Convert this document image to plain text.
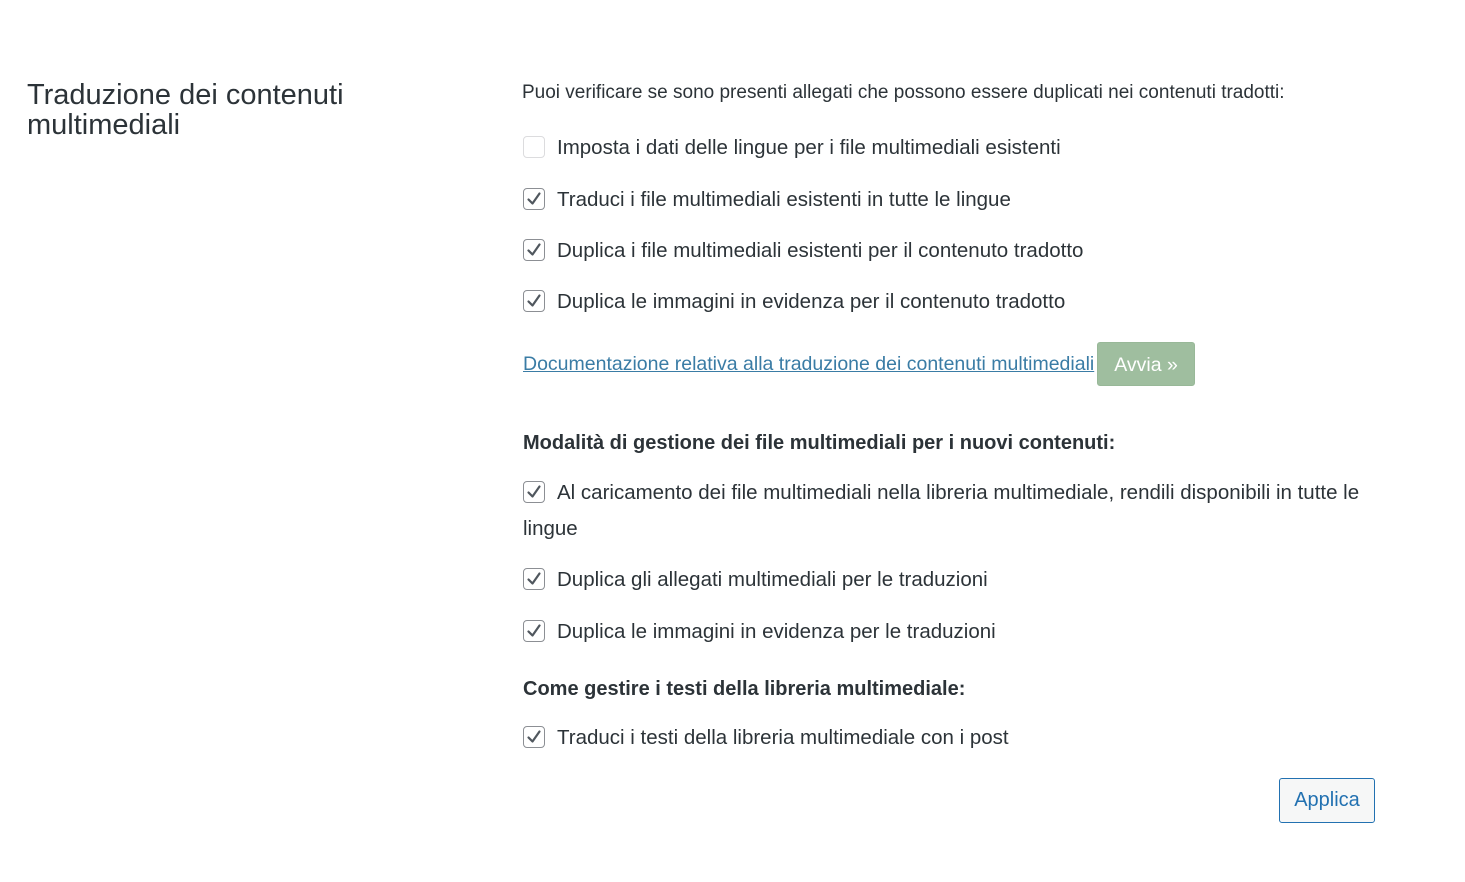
Traduzione dei contenuti multimediali
Puoi verificare se sono presenti allegati che possono essere duplicati nei contenuti tradotti:
Imposta i dati delle lingue per i file multimediali esistenti
Traduci i file multimediali esistenti in tutte le lingue
Duplica i file multimediali esistenti per il contenuto tradotto
Duplica le immagini in evidenza per il contenuto tradotto
Documentazione relativa alla traduzione dei contenuti multimediali	Avvia »
Modalità di gestione dei file multimediali per i nuovi contenuti:
Al caricamento dei file multimediali nella libreria multimediale, rendili disponibili in tutte le lingue
Duplica gli allegati multimediali per le traduzioni
Duplica le immagini in evidenza per le traduzioni
Come gestire i testi della libreria multimediale:
Traduci i testi della libreria multimediale con i post
Applica
